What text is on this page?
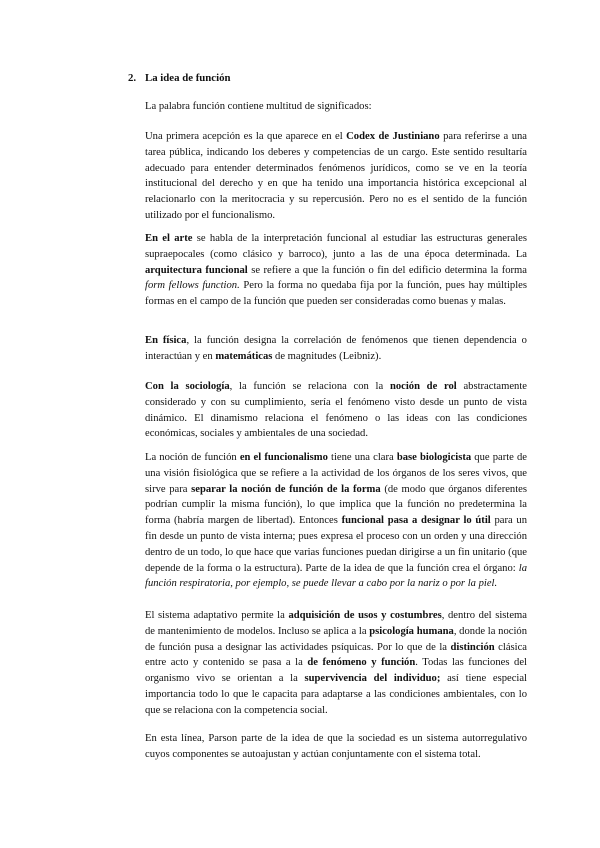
2. La idea de función

La palabra función contiene multitud de significados:

Una primera acepción es la que aparece en el Codex de Justiniano para referirse a una tarea pública, indicando los deberes y competencias de un cargo. Este sentido resultaría adecuado para entender determinados fenómenos jurídicos, como se ve en la teoría institucional del derecho y en que ha tenido una importancia histórica excepcional al relacionarlo con la meritocracia y su repercusión. Pero no es el sentido de la función utilizado por el funcionalismo.

En el arte se habla de la interpretación funcional al estudiar las estructuras generales supraepocales (como clásico y barroco), junto a las de una época determinada. La arquitectura funcional se refiere a que la función o fin del edificio determina la forma form fellows function. Pero la forma no quedaba fija por la función, pues hay múltiples formas en el campo de la función que pueden ser consideradas como buenas y malas.

En física, la función designa la correlación de fenómenos que tienen dependencia o interactúan y en matemáticas de magnitudes (Leibniz).

Con la sociología, la función se relaciona con la noción de rol abstractamente considerado y con su cumplimiento, sería el fenómeno visto desde un punto de vista dinámico. El dinamismo relaciona el fenómeno o las ideas con las condiciones económicas, sociales y ambientales de una sociedad.

La noción de función en el funcionalismo tiene una clara base biologicista que parte de una visión fisiológica que se refiere a la actividad de los órganos de los seres vivos, que sirve para separar la noción de función de la forma (de modo que órganos diferentes podrían cumplir la misma función), lo que implica que la función no predetermina la forma (habría margen de libertad). Entonces funcional pasa a designar lo útil para un fin desde un punto de vista interna; pues expresa el proceso con un orden y una dirección dentro de un todo, lo que hace que varias funciones puedan dirigirse a un fin unitario (que depende de la forma o la estructura). Parte de la idea de que la función crea el órgano: la función respiratoria, por ejemplo, se puede llevar a cabo por la nariz o por la piel.

El sistema adaptativo permite la adquisición de usos y costumbres, dentro del sistema de mantenimiento de modelos. Incluso se aplica a la psicología humana, donde la noción de función pusa a designar las actividades psíquicas. Por lo que de la distinción clásica entre acto y contenido se pasa a la de fenómeno y función. Todas las funciones del organismo vivo se orientan a la supervivencia del individuo; así tiene especial importancia todo lo que le capacita para adaptarse a las condiciones ambientales, con lo que se relaciona con la competencia social.

En esta línea, Parson parte de la idea de que la sociedad es un sistema autorregulativo cuyos componentes se autoajustan y actúan conjuntamente con el sistema total.
